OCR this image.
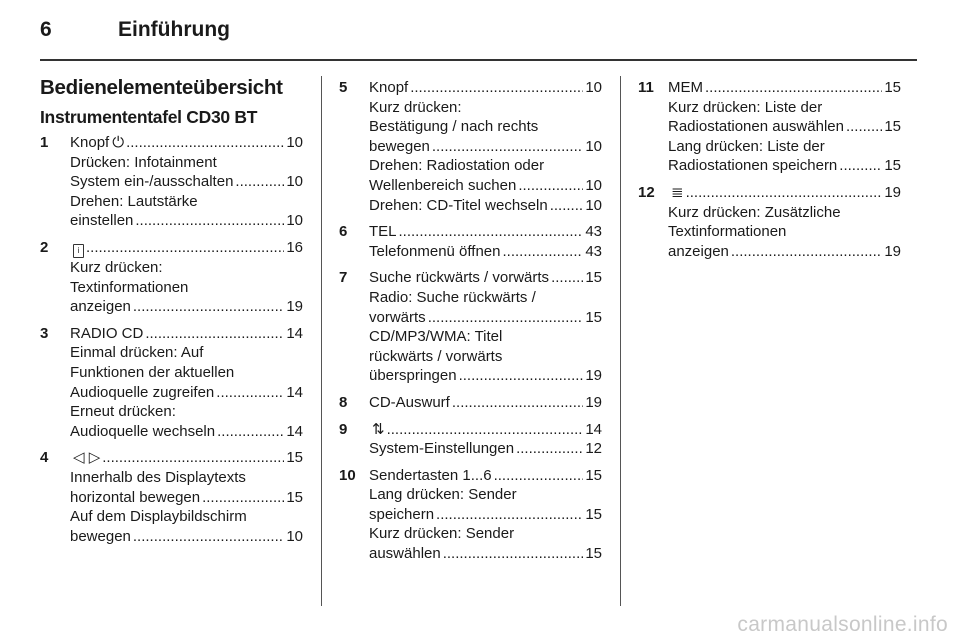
6	Einführung
Bedienelementeübersicht
Instrumententafel CD30 BT
1 Knopf ⏻ .....	10
Drücken: Infotainment
System ein-/ausschalten .....	10
Drehen: Lautstärke
einstellen .....	10
2	i .....	16
Kurz drücken:
Textinformationen
anzeigen .....	19
3 RADIO CD .....	14
Einmal drücken: Auf
Funktionen der aktuellen
Audioquelle zugreifen .....	14
Erneut drücken:
Audioquelle wechseln .....	14
4 ◁ ▷ .....	15
Innerhalb des Displaytexts
horizontal bewegen .....	15
Auf dem Displaybildschirm
bewegen .....	10
5 Knopf .....	10
Kurz drücken:
Bestätigung / nach rechts
bewegen .....	10
Drehen: Radiostation oder
Wellenbereich suchen .....	10
Drehen: CD-Titel wechseln .....	10
6 TEL .....	43
Telefonmenü öffnen .....	43
7 Suche rückwärts / vorwärts ..... 15
Radio: Suche rückwärts /
vorwärts .....	15
CD/MP3/WMA: Titel
rückwärts / vorwärts
überspringen .....	19
8 CD-Auswurf .....	19
9 ⇅ .....	14
System-Einstellungen .....	12
10 Sendertasten 1...6 .....	15
Lang drücken: Sender
speichern .....	15
Kurz drücken: Sender
auswählen .....	15
11 MEM .....	15
Kurz drücken: Liste der
Radiostationen auswählen .....	15
Lang drücken: Liste der
Radiostationen speichern .....	15
12 ≣ .....	19
Kurz drücken: Zusätzliche
Textinformationen
anzeigen .....	19
carmanualsonline.info
